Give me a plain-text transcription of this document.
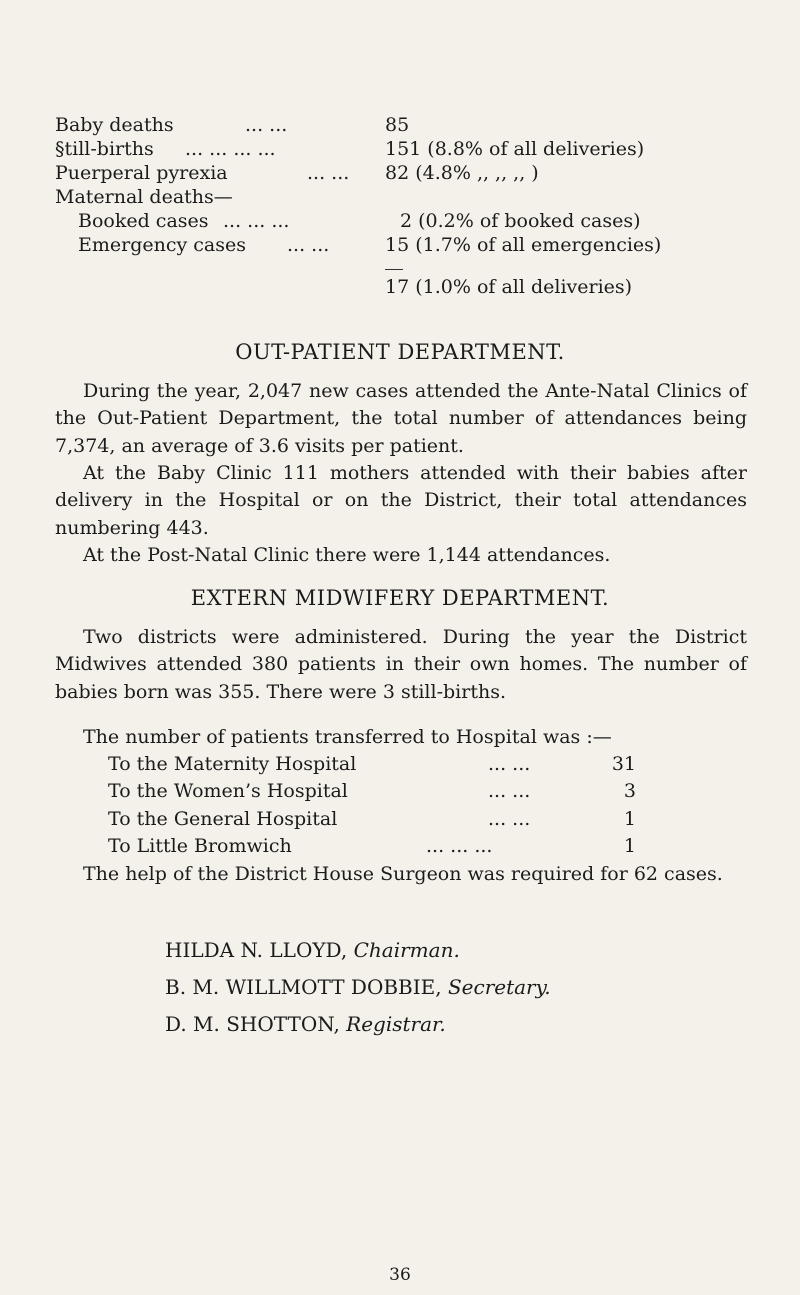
Baby deaths	... ...	85
§till-births ... ... ... ...	151 (8.8% of all deliveries)
Puerperal pyrexia	... ... 82 (4.8% ,, ,, ,, )
Maternal deaths—
Booked cases ... ... ...	2 (0.2% of booked cases)
Emergency cases ... ...	15 (1.7% of all emergencies)
17 (1.0% of all deliveries)
OUT-PATIENT DEPARTMENT.

During the year, 2,047 new cases attended the Ante-Natal Clinics of the Out-Patient Department, the total number of attendances being 7,374, an average of 3.6 visits per patient.

At the Baby Clinic 111 mothers attended with their babies after delivery in the Hospital or on the District, their total attendances numbering 443.

At the Post-Natal Clinic there were 1,144 attendances.

EXTERN MIDWIFERY DEPARTMENT.

Two districts were administered. During the year the District Midwives attended 380 patients in their own homes. The number of babies born was 355. There were 3 still-births.

The number of patients transferred to Hospital was :—

To the Maternity Hospital	... ...	31
To the Women’s Hospital	... ...	3
To the General Hospital	... ...	1
To Little Bromwich	... ... ...	1

The help of the District House Surgeon was required for 62 cases.

HILDA N. LLOYD, Chairman.
B. M. WILLMOTT DOBBIE, Secretary.
D. M. SHOTTON, Registrar.
36
